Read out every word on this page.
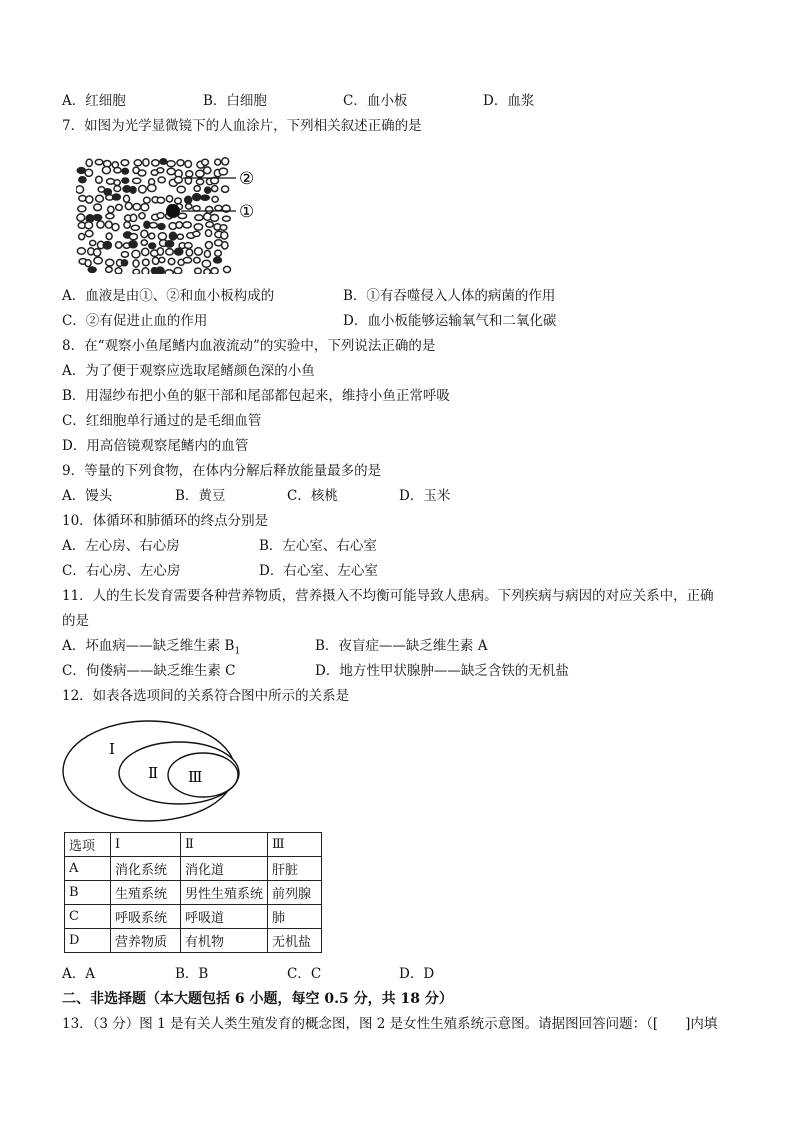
A．红细胞	B．白细胞	C．血小板	D．血浆
7．如图为光学显微镜下的人血涂片，下列相关叙述正确的是
②
①
A．血液是由①、②和血小板构成的	B．①有吞噬侵入人体的病菌的作用
C．②有促进止血的作用	D．血小板能够运输氧气和二氧化碳
8．在“观察小鱼尾鳍内血液流动”的实验中，下列说法正确的是
A．为了便于观察应选取尾鳍颜色深的小鱼
B．用湿纱布把小鱼的躯干部和尾部都包起来，维持小鱼正常呼吸
C．红细胞单行通过的是毛细血管
D．用高倍镜观察尾鳍内的血管
9．等量的下列食物，在体内分解后释放能量最多的是
A．馒头	B．黄豆	C．核桃	D．玉米
10．体循环和肺循环的终点分别是
A．左心房、右心房	B．左心室、右心室
C．右心房、左心房	D．右心室、左心室
11．人的生长发育需要各种营养物质，营养摄入不均衡可能导致人患病。下列疾病与病因的对应关系中，正确
的是
A．坏血病——缺乏维生素 $B_1$	B．夜盲症——缺乏维生素 A
C．佝偻病——缺乏维生素 C	D．地方性甲状腺肿——缺乏含铁的无机盐
12．如表各选项间的关系符合图中所示的关系是
Ⅰ
Ⅱ Ⅲ
选项	Ⅰ	Ⅱ	Ⅲ
A	消化系统	消化道	肝脏
B	生殖系统	男性生殖系统	前列腺
C	呼吸系统	呼吸道	肺
D	营养物质	有机物	无机盐
A．A	B．B	C．C	D．D
二、非选择题（本大题包括 6 小题，每空 0.5 分，共 18 分）
13．（3 分）图 1 是有关人类生殖发育的概念图，图 2 是女性生殖系统示意图。请据图回答问题：（[　　]内填
